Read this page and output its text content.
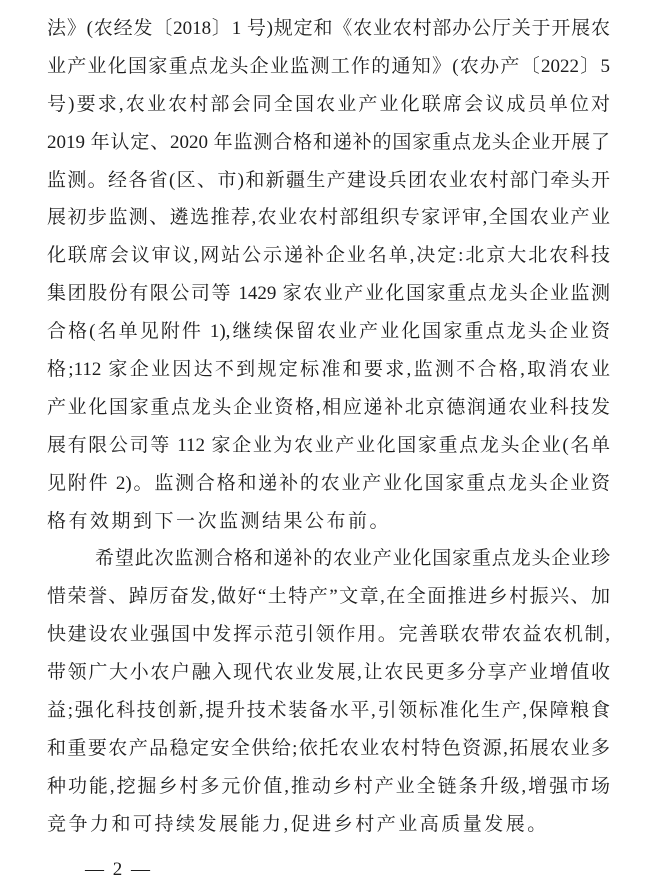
法》(农经发〔2018〕1 号)规定和《农业农村部办公厅关于开展农

业产业化国家重点龙头企业监测工作的通知》(农办产〔2022〕5

号)要求,农业农村部会同全国农业产业化联席会议成员单位对

2019 年认定、2020 年监测合格和递补的国家重点龙头企业开展了

监测。经各省(区、市)和新疆生产建设兵团农业农村部门牵头开

展初步监测、遴选推荐,农业农村部组织专家评审,全国农业产业

化联席会议审议,网站公示递补企业名单,决定:北京大北农科技

集团股份有限公司等 1429 家农业产业化国家重点龙头企业监测

合格(名单见附件 1),继续保留农业产业化国家重点龙头企业资

格;112 家企业因达不到规定标准和要求,监测不合格,取消农业

产业化国家重点龙头企业资格,相应递补北京德润通农业科技发

展有限公司等 112 家企业为农业产业化国家重点龙头企业(名单

见附件 2)。监测合格和递补的农业产业化国家重点龙头企业资

格有效期到下一次监测结果公布前。

希望此次监测合格和递补的农业产业化国家重点龙头企业珍

惜荣誉、踔厉奋发,做好“土特产”文章,在全面推进乡村振兴、加

快建设农业强国中发挥示范引领作用。完善联农带农益农机制,

带领广大小农户融入现代农业发展,让农民更多分享产业增值收

益;强化科技创新,提升技术装备水平,引领标准化生产,保障粮食

和重要农产品稳定安全供给;依托农业农村特色资源,拓展农业多

种功能,挖掘乡村多元价值,推动乡村产业全链条升级,增强市场

竞争力和可持续发展能力,促进乡村产业高质量发展。

— 2 —
